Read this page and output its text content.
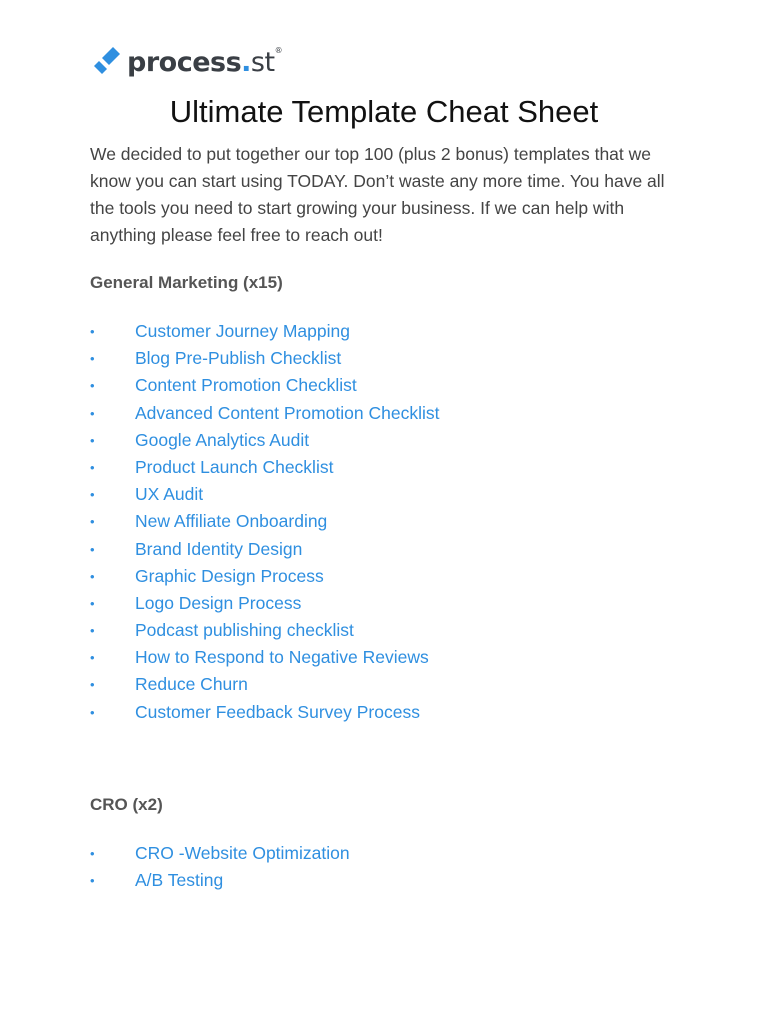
process.st®
Ultimate Template Cheat Sheet

We decided to put together our top 100 (plus 2 bonus) templates that we know you can start using TODAY. Don’t waste any more time. You have all the tools you need to start growing your business. If we can help with anything please feel free to reach out!

General Marketing (x15)
•	Customer Journey Mapping
•	Blog Pre-Publish Checklist
•	Content Promotion Checklist
•	Advanced Content Promotion Checklist
•	Google Analytics Audit
•	Product Launch Checklist
•	UX Audit
•	New Affiliate Onboarding
•	Brand Identity Design
•	Graphic Design Process
•	Logo Design Process
•	Podcast publishing checklist
•	How to Respond to Negative Reviews
•	Reduce Churn
•	Customer Feedback Survey Process
CRO (x2)
•	CRO -Website Optimization
•	A/B Testing
